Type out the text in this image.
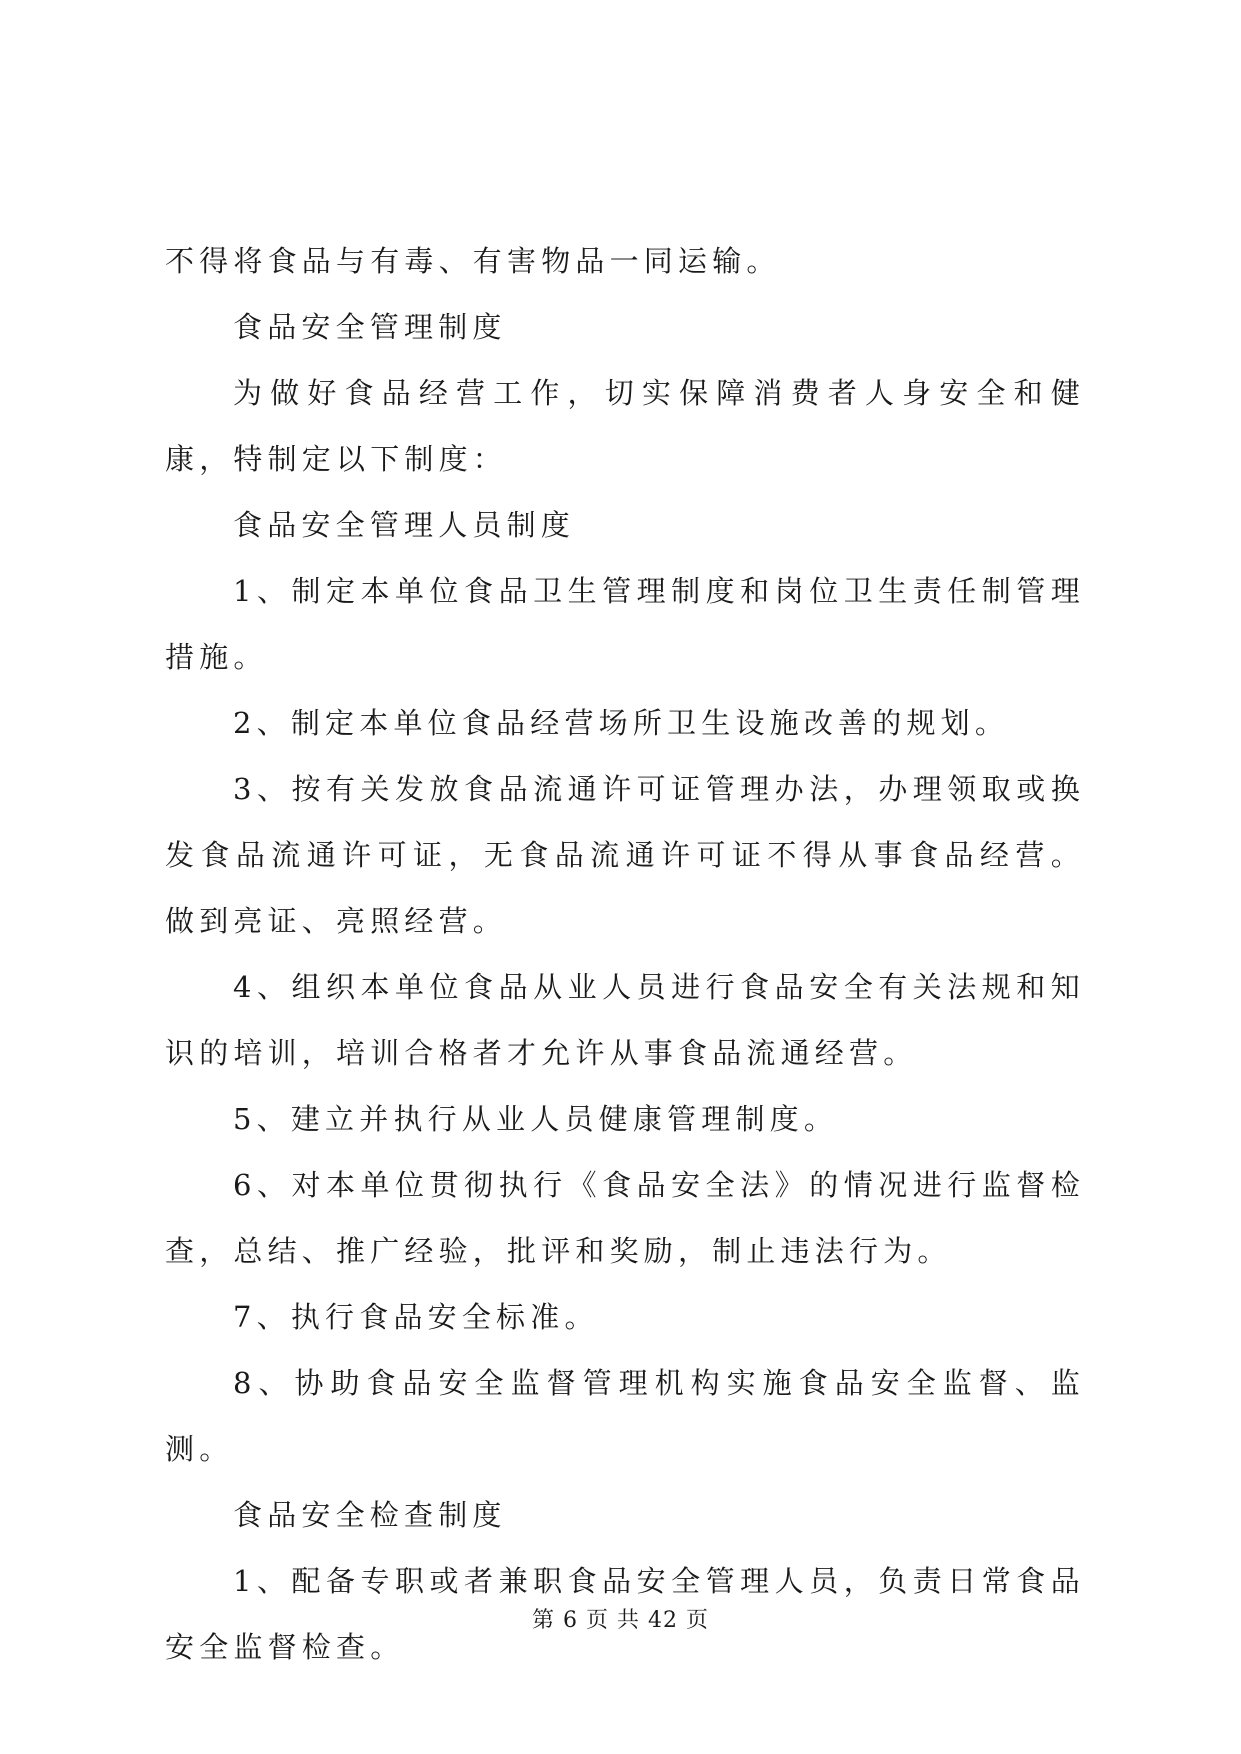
不得将食品与有毒、有害物品一同运输。

食品安全管理制度

为做好食品经营工作，切实保障消费者人身安全和健康，特制定以下制度：

食品安全管理人员制度

1、制定本单位食品卫生管理制度和岗位卫生责任制管理措施。

2、制定本单位食品经营场所卫生设施改善的规划。

3、按有关发放食品流通许可证管理办法，办理领取或换发食品流通许可证，无食品流通许可证不得从事食品经营。做到亮证、亮照经营。

4、组织本单位食品从业人员进行食品安全有关法规和知识的培训，培训合格者才允许从事食品流通经营。

5、建立并执行从业人员健康管理制度。

6、对本单位贯彻执行《食品安全法》的情况进行监督检查，总结、推广经验，批评和奖励，制止违法行为。

7、执行食品安全标准。

8、协助食品安全监督管理机构实施食品安全监督、监测。

食品安全检查制度

1、配备专职或者兼职食品安全管理人员，负责日常食品安全监督检查。

第 6 页 共 42 页
